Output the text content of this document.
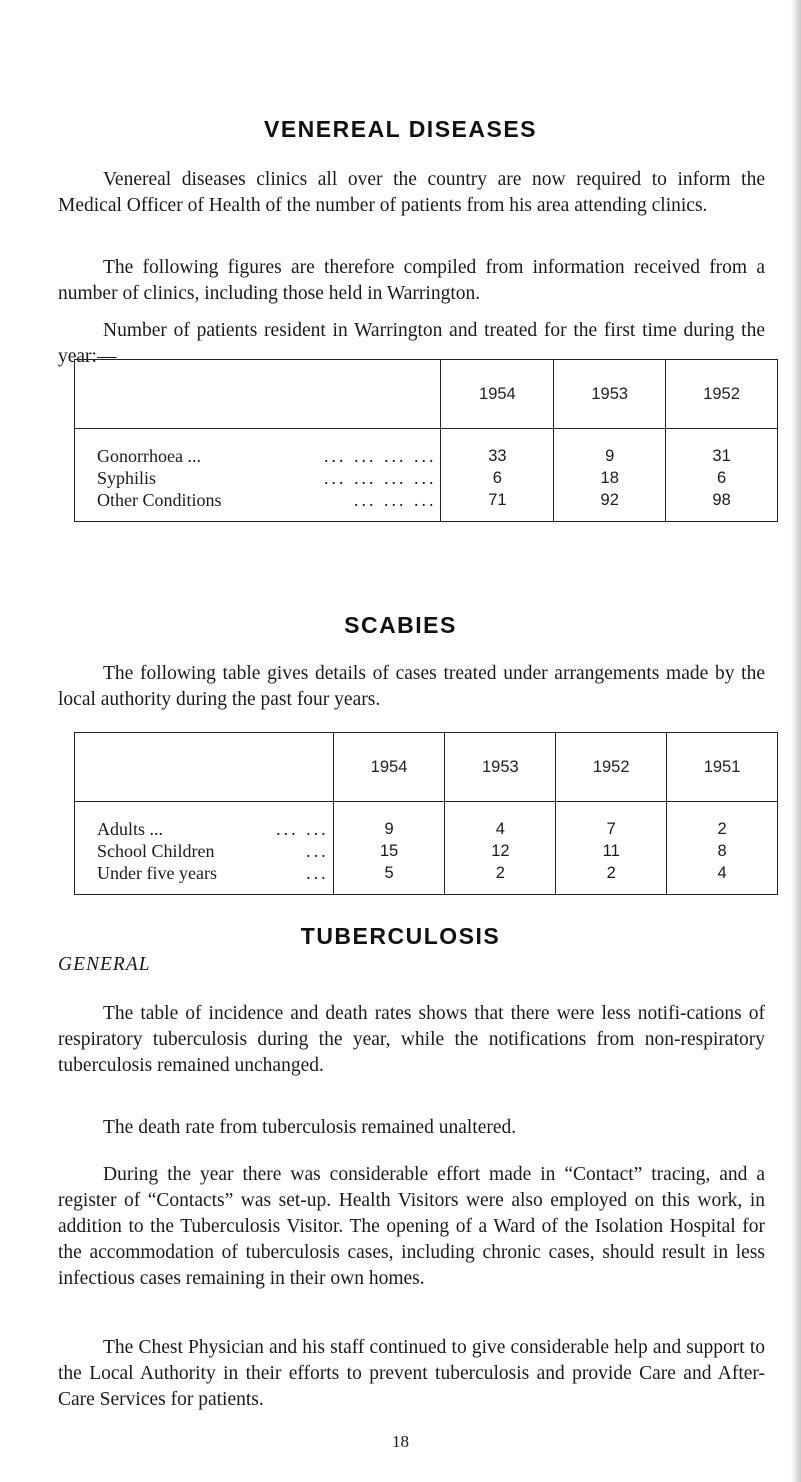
VENEREAL DISEASES

Venereal diseases clinics all over the country are now required to inform the Medical Officer of Health of the number of patients from his area attending clinics.

The following figures are therefore compiled from information received from a number of clinics, including those held in Warrington.

Number of patients resident in Warrington and treated for the first time during the year:—

	1954	1953	1952
Gonorrhoea ... ... ... ... ...	33	9	31
Syphilis ... ... ... ...	6	18	6
Other Conditions ... ... ...	71	92	98
SCABIES

The following table gives details of cases treated under arrangements made by the local authority during the past four years.

	1954	1953	1952	1951
Adults ... ... ...	9	4	7	2
School Children ...	15	12	11	8
Under five years ...	5	2	2	4
TUBERCULOSIS
GENERAL

The table of incidence and death rates shows that there were less notifi-cations of respiratory tuberculosis during the year, while the notifications from non-respiratory tuberculosis remained unchanged.

The death rate from tuberculosis remained unaltered.

During the year there was considerable effort made in “Contact” tracing, and a register of “Contacts” was set-up. Health Visitors were also employed on this work, in addition to the Tuberculosis Visitor. The opening of a Ward of the Isolation Hospital for the accommodation of tuberculosis cases, including chronic cases, should result in less infectious cases remaining in their own homes.

The Chest Physician and his staff continued to give considerable help and support to the Local Authority in their efforts to prevent tuberculosis and provide Care and After-Care Services for patients.

18
